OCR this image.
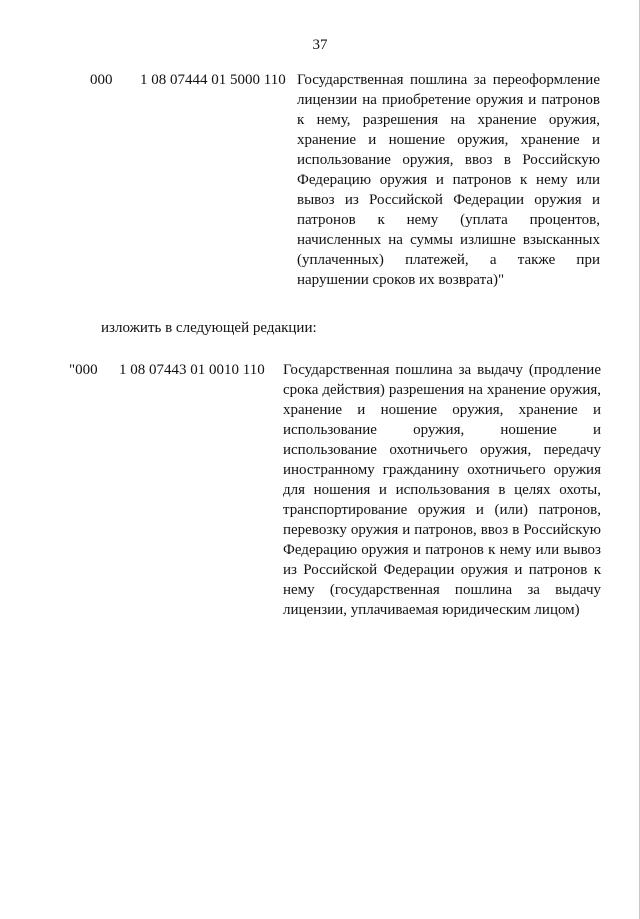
37
000 1 08 07444 01 5000 110 Государственная пошлина за переоформление лицензии на приобретение оружия и патронов к нему, разрешения на хранение оружия, хранение и ношение оружия, хранение и использование оружия, ввоз в Российскую Федерацию оружия и патронов к нему или вывоз из Российской Федерации оружия и патронов к нему (уплата процентов, начисленных на суммы излишне взысканных (уплаченных) платежей, а также при нарушении сроков их возврата)"
изложить в следующей редакции:
"000 1 08 07443 01 0010 110 Государственная пошлина за выдачу (продление срока действия) разрешения на хранение оружия, хранение и ношение оружия, хранение и использование оружия, ношение и использование охотничьего оружия, передачу иностранному гражданину охотничьего оружия для ношения и использования в целях охоты, транспортирование оружия и (или) патронов, перевозку оружия и патронов, ввоз в Российскую Федерацию оружия и патронов к нему или вывоз из Российской Федерации оружия и патронов к нему (государственная пошлина за выдачу лицензии, уплачиваемая юридическим лицом)
